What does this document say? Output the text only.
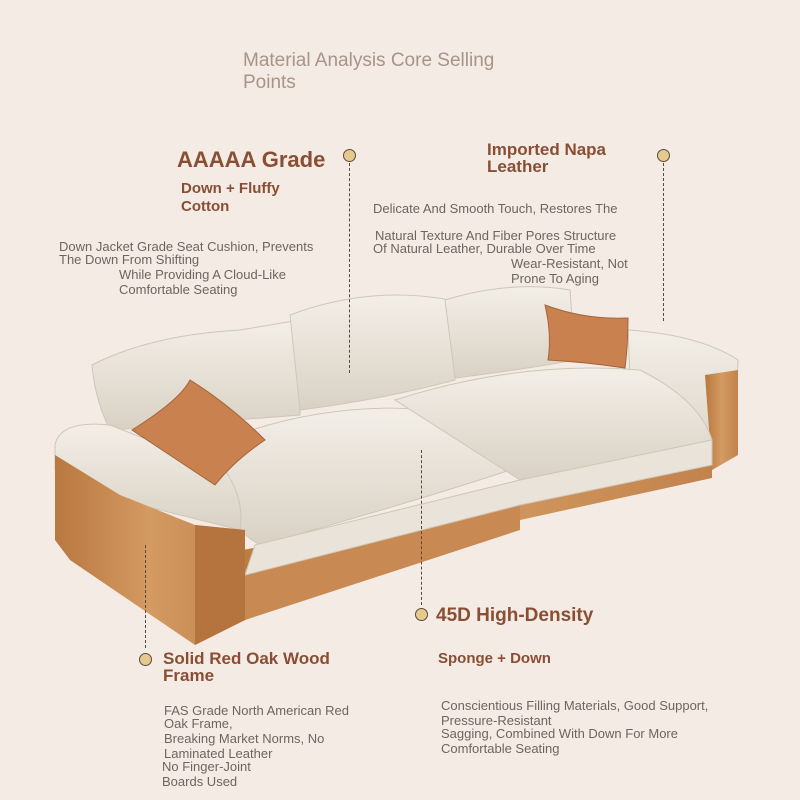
Material Analysis Core Selling
Points
AAAAA Grade
Down + Fluffy
Cotton
Down Jacket Grade Seat Cushion, Prevents
The Down From Shifting
While Providing A Cloud-Like
Comfortable Seating
Imported Napa
Leather
Delicate And Smooth Touch, Restores The
Natural Texture And Fiber Pores Structure
Of Natural Leather, Durable Over Time
Wear-Resistant, Not
Prone To Aging
45D High-Density
Sponge + Down
Conscientious Filling Materials, Good Support,
Pressure-Resistant
Sagging, Combined With Down For More
Comfortable Seating
Solid Red Oak Wood
Frame
FAS Grade North American Red
Oak Frame,
Breaking Market Norms, No
Laminated Leather
No Finger-Joint
Boards Used
